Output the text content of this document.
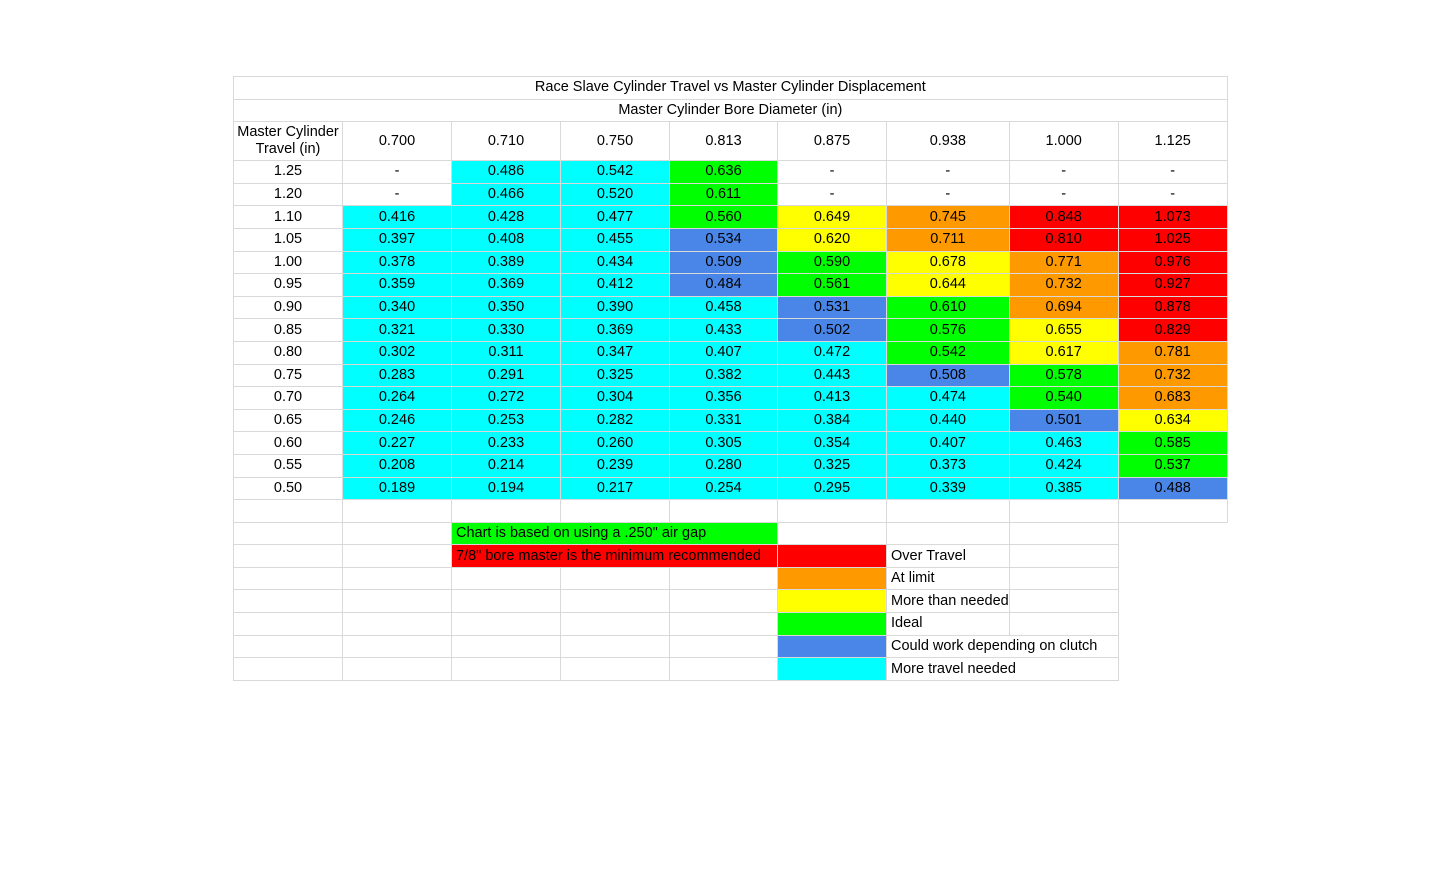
Race Slave Cylinder Travel vs Master Cylinder Displacement								
Master Cylinder Bore Diameter (in)								
Master Cylinder Travel (in)	0.700	0.710	0.750	0.813	0.875	0.938	1.000	1.125
1.25	-	0.486	0.542	0.636	-	-	-	-
1.20	-	0.466	0.520	0.611	-	-	-	-
1.10	0.416	0.428	0.477	0.560	0.649	0.745	0.848	1.073
1.05	0.397	0.408	0.455	0.534	0.620	0.711	0.810	1.025
1.00	0.378	0.389	0.434	0.509	0.590	0.678	0.771	0.976
0.95	0.359	0.369	0.412	0.484	0.561	0.644	0.732	0.927
0.90	0.340	0.350	0.390	0.458	0.531	0.610	0.694	0.878
0.85	0.321	0.330	0.369	0.433	0.502	0.576	0.655	0.829
0.80	0.302	0.311	0.347	0.407	0.472	0.542	0.617	0.781
0.75	0.283	0.291	0.325	0.382	0.443	0.508	0.578	0.732
0.70	0.264	0.272	0.304	0.356	0.413	0.474	0.540	0.683
0.65	0.246	0.253	0.282	0.331	0.384	0.440	0.501	0.634
0.60	0.227	0.233	0.260	0.305	0.354	0.407	0.463	0.585
0.55	0.208	0.214	0.239	0.280	0.325	0.373	0.424	0.537
0.50	0.189	0.194	0.217	0.254	0.295	0.339	0.385	0.488

		Chart is based on using a .250" air gap						
		7/8" bore master is the minimum recommended				Over Travel		
						At limit		
						More than needed		
						Ideal		
						Could work depending on clutch		
						More travel needed		
